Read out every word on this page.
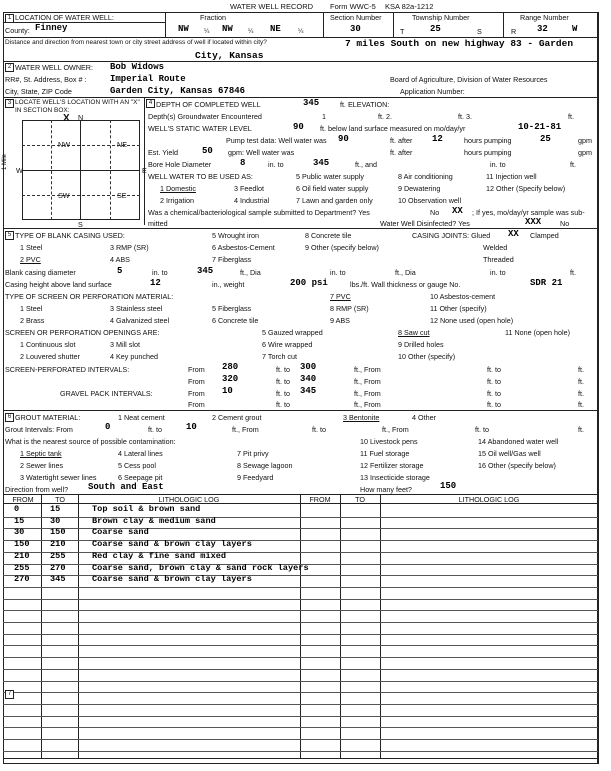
WATER WELL RECORD Form WWC-5 KSA 82a-1212
1 LOCATION OF WATER WELL:	Fraction
County: Finney	NW ¼ NW ¼ NE	¼
Section Number
30
Township Number
T	25	S
Range Number
R 32	W
Distance and direction from nearest town or city street address of well if located within city?	7 miles South on new highway 83 - Garden
City, Kansas
2 WATER WELL OWNER: Bob Widows
RR#, St. Address, Box # :	Imperial Route
City, State, ZIP Code	Garden City, Kansas 67846
Board of Agriculture, Division of Water Resources
Application Number:
3 LOCATE WELL'S LOCATION WITH AN "X" IN SECTION BOX:
N
S
W	E
NW	NE
SW	SE
1 Mile
X
4 DEPTH OF COMPLETED WELL	345	ft. ELEVATION:
Depth(s) Groundwater Encountered	1	ft. 2.	ft. 3.	ft.
WELL'S STATIC WATER LEVEL	90 ft. below land surface measured on mo/day/yr	10-21-81
Pump test data: Well water was 90	ft. after 12	hours pumping	25	gpm
Est. Yield	50 gpm: Well water was	ft. after	hours pumping	gpm
Bore Hole Diameter	8	in. to	345	ft., and	in. to	ft.
WELL WATER TO BE USED AS:
1 Domestic	3 Feedlot
5 Public water supply	8 Air conditioning	11 Injection well
2 Irrigation	4 Industrial	7 Lawn and garden only	10 Observation well
6 Oil field water supply	9 Dewatering	12 Other (Specify below)
Was a chemical/bacteriological sample submitted to Department? Yes	XX
No	; If yes, mo/day/yr sample was sub-
mitted	Water Well Disinfected? Yes	XXX	No
5 TYPE OF BLANK CASING USED:
1 Steel
2 PVC
3 RMP (SR)
4 ABS
5 Wrought iron
6 Asbestos-Cement
7 Fiberglass
8 Concrete tile
9 Other (specify below)
CASING JOINTS: Glued XX Clamped
Welded
Threaded
Blank casing diameter	5	in. to	345	ft., Dia	in. to	ft., Dia	in. to	ft.
Casing height above land surface	12	in., weight	200 psi	lbs./ft. Wall thickness or gauge No.	SDR 21
TYPE OF SCREEN OR PERFORATION MATERIAL:
1 Steel
2 Brass
3 Stainless steel
4 Galvanized steel
5 Fiberglass
6 Concrete tile
7 PVC
8 RMP (SR)
9 ABS
10 Asbestos-cement
11 Other (specify)
12 None used (open hole)
SCREEN OR PERFORATION OPENINGS ARE:
1 Continuous slot
2 Louvered shutter
3 Mill slot
4 Key punched
5 Gauzed wrapped
6 Wire wrapped
7 Torch cut
8 Saw cut
9 Drilled holes
10 Other (specify)
11 None (open hole)
SCREEN-PERFORATED INTERVALS:	From 280	ft. to 300	ft., From	ft. to	ft.
From 320	ft. to 340	ft., From	ft. to	ft.
GRAVEL PACK INTERVALS:	From 10	ft. to 345	ft., From	ft. to	ft.
From	ft. to	ft., From	ft. to	ft.
6 GROUT MATERIAL:	1 Neat cement	2 Cement grout	3 Bentonite	4 Other
Grout Intervals: From	0	ft. to	10	ft., From	ft. to	ft., From	ft. to	ft.
What is the nearest source of possible contamination:
1 Septic tank
2 Sewer lines
3 Watertight sewer lines
4 Lateral lines
5 Cess pool
6 Seepage pit
7 Pit privy
8 Sewage lagoon
9 Feedyard
10 Livestock pens
11 Fuel storage
12 Fertilizer storage
13 Insecticide storage
14 Abandoned water well
15 Oil well/Gas well
16 Other (specify below)
Direction from well? South and East	How many feet?	150
FROM	TO	LITHOLOGIC LOG	FROM	TO	LITHOLOGIC LOG
0	15	Top soil & brown sand
15	30	Brown clay & medium sand
30	150	Coarse sand
150 210	Coarse sand & brown clay layers
210 255	Red clay & fine sand mixed
255 270	Coarse sand, brown clay & sand rock layers
270 345	Coarse sand & brown clay layers
7
